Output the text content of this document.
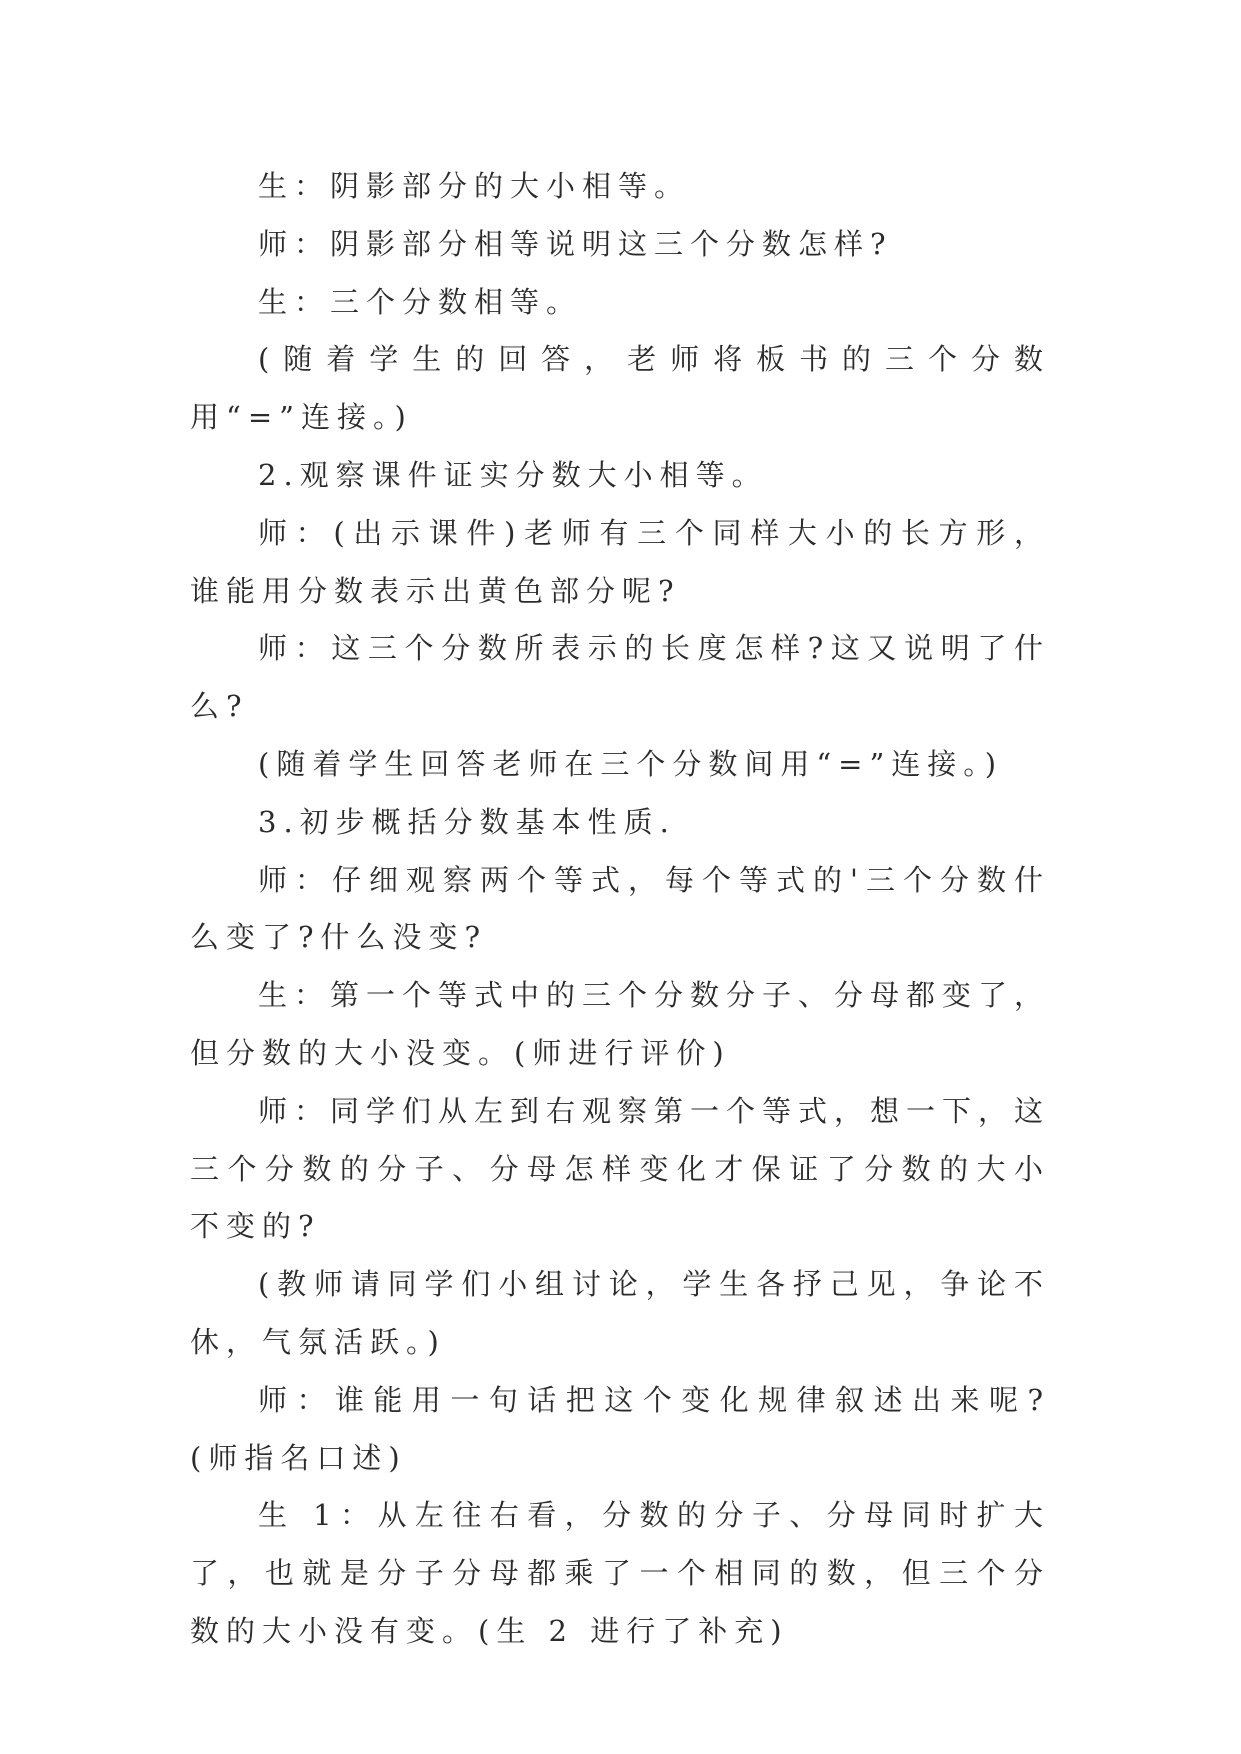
生：阴影部分的大小相等。

师：阴影部分相等说明这三个分数怎样?

生：三个分数相等。

(随着学生的回答，老师将板书的三个分数用“=”连接。)

2.观察课件证实分数大小相等。

师：(出示课件)老师有三个同样大小的长方形，谁能用分数表示出黄色部分呢?

师：这三个分数所表示的长度怎样?这又说明了什么?

(随着学生回答老师在三个分数间用“=”连接。)

3.初步概括分数基本性质.

师：仔细观察两个等式，每个等式的'三个分数什么变了?什么没变?

生：第一个等式中的三个分数分子、分母都变了，但分数的大小没变。(师进行评价)

师：同学们从左到右观察第一个等式，想一下，这三个分数的分子、分母怎样变化才保证了分数的大小不变的?

(教师请同学们小组讨论，学生各抒己见，争论不休，气氛活跃。)

师：谁能用一句话把这个变化规律叙述出来呢?(师指名口述)

生 1：从左往右看，分数的分子、分母同时扩大了，也就是分子分母都乘了一个相同的数，但三个分数的大小没有变。(生 2 进行了补充)
